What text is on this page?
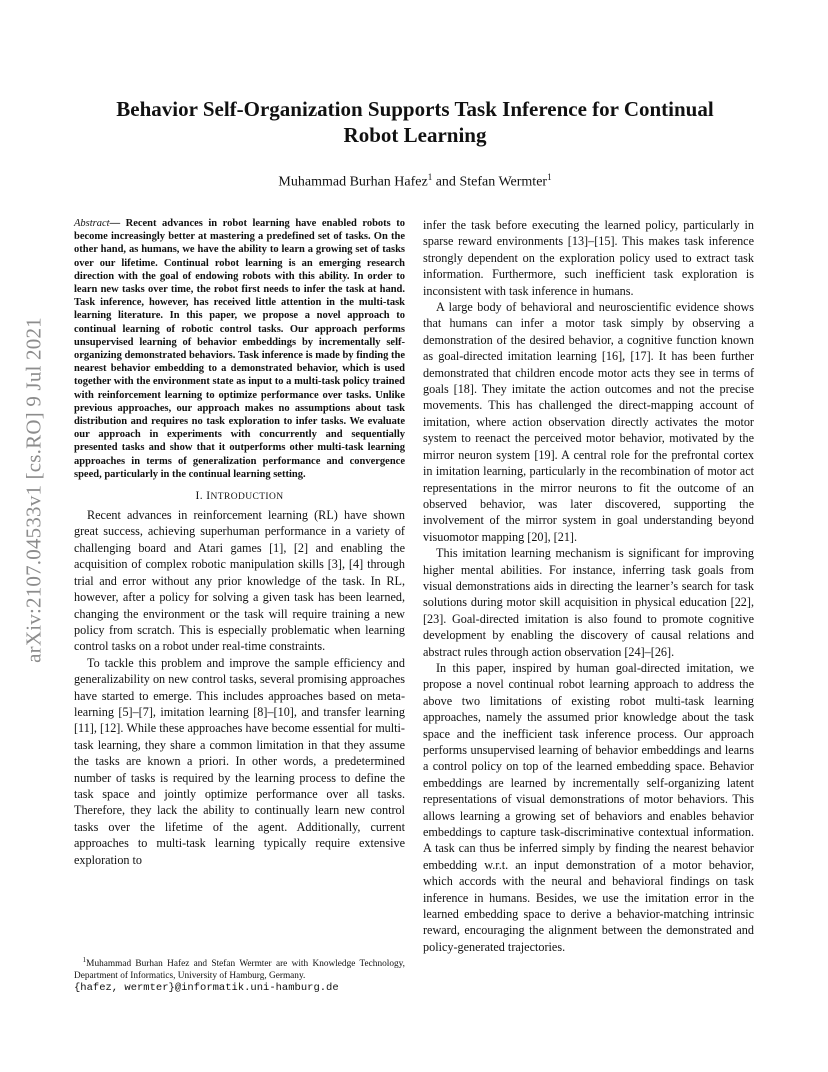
arXiv:2107.04533v1 [cs.RO] 9 Jul 2021
Behavior Self-Organization Supports Task Inference for Continual
Robot Learning
Muhammad Burhan Hafez$^1$ and Stefan Wermter$^1$

Abstract— Recent advances in robot learning have enabled robots to become increasingly better at mastering a predefined set of tasks. On the other hand, as humans, we have the ability to learn a growing set of tasks over our lifetime. Continual robot learning is an emerging research direction with the goal of endowing robots with this ability. In order to learn new tasks over time, the robot first needs to infer the task at hand. Task inference, however, has received little attention in the multi-task learning literature. In this paper, we propose a novel approach to continual learning of robotic control tasks. Our approach performs unsupervised learning of behavior embeddings by incrementally self-organizing demonstrated behaviors. Task inference is made by finding the nearest behavior embedding to a demonstrated behavior, which is used together with the environment state as input to a multi-task policy trained with reinforcement learning to optimize performance over tasks. Unlike previous approaches, our approach makes no assumptions about task distribution and requires no task exploration to infer tasks. We evaluate our approach in experiments with concurrently and sequentially presented tasks and show that it outperforms other multi-task learning approaches in terms of generalization performance and convergence speed, particularly in the continual learning setting.

I. INTRODUCTION

Recent advances in reinforcement learning (RL) have shown great success, achieving superhuman performance in a variety of challenging board and Atari games [1], [2] and enabling the acquisition of complex robotic manipulation skills [3], [4] through trial and error without any prior knowledge of the task. In RL, however, after a policy for solving a given task has been learned, changing the environment or the task will require training a new policy from scratch. This is especially problematic when learning control tasks on a robot under real-time constraints.

To tackle this problem and improve the sample efficiency and generalizability on new control tasks, several promising approaches have started to emerge. This includes approaches based on meta-learning [5]–[7], imitation learning [8]–[10], and transfer learning [11], [12]. While these approaches have become essential for multi-task learning, they share a common limitation in that they assume the tasks are known a priori. In other words, a predetermined number of tasks is required by the learning process to define the task space and jointly optimize performance over all tasks. Therefore, they lack the ability to continually learn new control tasks over the lifetime of the agent. Additionally, current approaches to multi-task learning typically require extensive exploration to

infer the task before executing the learned policy, particularly in sparse reward environments [13]–[15]. This makes task inference strongly dependent on the exploration policy used to extract task information. Furthermore, such inefficient task exploration is inconsistent with task inference in humans.

A large body of behavioral and neuroscientific evidence shows that humans can infer a motor task simply by observing a demonstration of the desired behavior, a cognitive function known as goal-directed imitation learning [16], [17]. It has been further demonstrated that children encode motor acts they see in terms of goals [18]. They imitate the action outcomes and not the precise movements. This has challenged the direct-mapping account of imitation, where action observation directly activates the motor system to reenact the perceived motor behavior, motivated by the mirror neuron system [19]. A central role for the prefrontal cortex in imitation learning, particularly in the recombination of motor act representations in the mirror neurons to fit the outcome of an observed behavior, was later discovered, supporting the involvement of the mirror system in goal understanding beyond visuomotor mapping [20], [21].

This imitation learning mechanism is significant for improving higher mental abilities. For instance, inferring task goals from visual demonstrations aids in directing the learner’s search for task solutions during motor skill acquisition in physical education [22], [23]. Goal-directed imitation is also found to promote cognitive development by enabling the discovery of causal relations and abstract rules through action observation [24]–[26].

In this paper, inspired by human goal-directed imitation, we propose a novel continual robot learning approach to address the above two limitations of existing robot multi-task learning approaches, namely the assumed prior knowledge about the task space and the inefficient task inference process. Our approach performs unsupervised learning of behavior embeddings and learns a control policy on top of the learned embedding space. Behavior embeddings are learned by incrementally self-organizing latent representations of visual demonstrations of motor behaviors. This allows learning a growing set of behaviors and enables behavior embeddings to capture task-discriminative contextual information. A task can thus be inferred simply by finding the nearest behavior embedding w.r.t. an input demonstration of a motor behavior, which accords with the neural and behavioral findings on task inference in humans. Besides, we use the imitation error in the learned embedding space to derive a behavior-matching intrinsic reward, encouraging the alignment between the demonstrated and policy-generated trajectories.

$^1$Muhammad Burhan Hafez and Stefan Wermter are with Knowledge Technology, Department of Informatics, University of Hamburg, Germany.
{hafez, wermter}@informatik.uni-hamburg.de
